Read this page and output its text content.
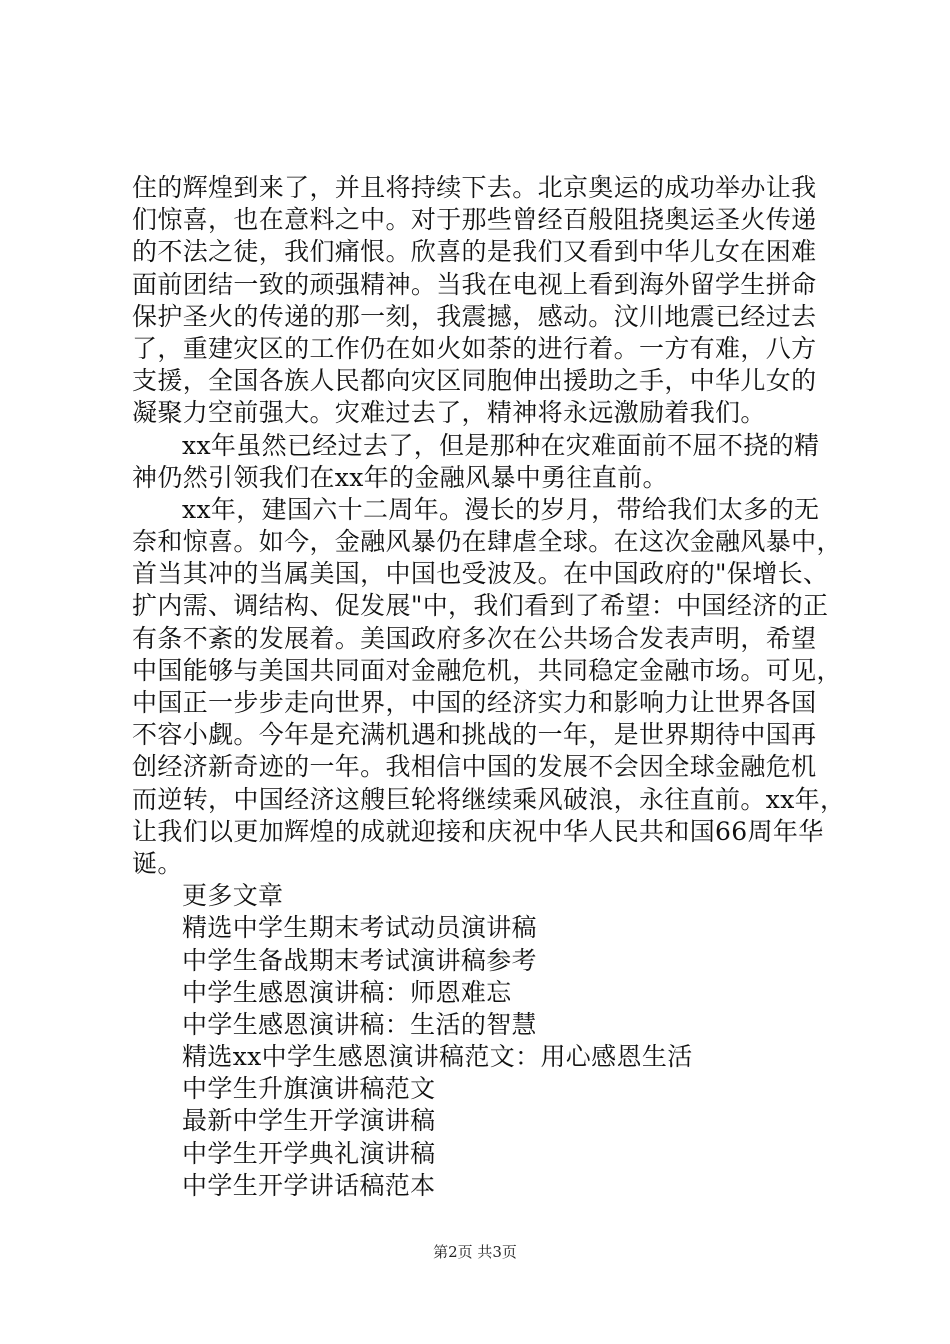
住的辉煌到来了，并且将持续下去。北京奥运的成功举办让我
们惊喜，也在意料之中。对于那些曾经百般阻挠奥运圣火传递
的不法之徒，我们痛恨。欣喜的是我们又看到中华儿女在困难
面前团结一致的顽强精神。当我在电视上看到海外留学生拼命
保护圣火的传递的那一刻，我震撼，感动。汶川地震已经过去
了，重建灾区的工作仍在如火如荼的进行着。一方有难，八方
支援，全国各族人民都向灾区同胞伸出援助之手，中华儿女的
凝聚力空前强大。灾难过去了，精神将永远激励着我们。
xx年虽然已经过去了，但是那种在灾难面前不屈不挠的精
神仍然引领我们在xx年的金融风暴中勇往直前。
xx年，建国六十二周年。漫长的岁月，带给我们太多的无
奈和惊喜。如今，金融风暴仍在肆虐全球。在这次金融风暴中，
首当其冲的当属美国，中国也受波及。在中国政府的"保增长、
扩内需、调结构、促发展"中，我们看到了希望：中国经济的正
有条不紊的发展着。美国政府多次在公共场合发表声明，希望
中国能够与美国共同面对金融危机，共同稳定金融市场。可见，
中国正一步步走向世界，中国的经济实力和影响力让世界各国
不容小觑。今年是充满机遇和挑战的一年，是世界期待中国再
创经济新奇迹的一年。我相信中国的发展不会因全球金融危机
而逆转，中国经济这艘巨轮将继续乘风破浪，永往直前。xx年，
让我们以更加辉煌的成就迎接和庆祝中华人民共和国66周年华
诞。
更多文章
精选中学生期末考试动员演讲稿
中学生备战期末考试演讲稿参考
中学生感恩演讲稿：师恩难忘
中学生感恩演讲稿：生活的智慧
精选xx中学生感恩演讲稿范文：用心感恩生活
中学生升旗演讲稿范文
最新中学生开学演讲稿
中学生开学典礼演讲稿
中学生开学讲话稿范本
第2页 共3页
